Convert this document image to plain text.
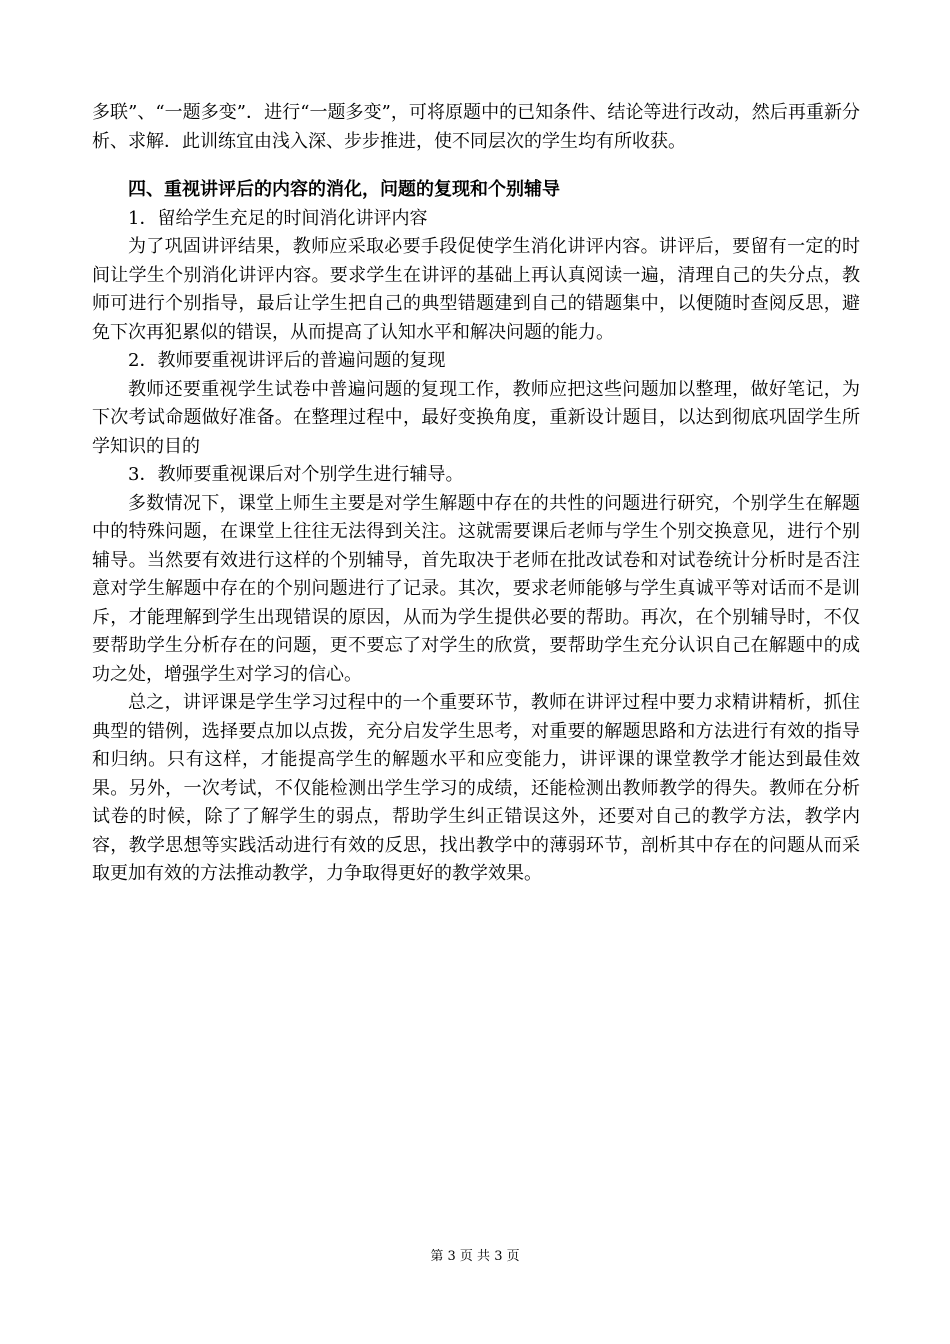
多联”、“一题多变”．进行“一题多变”，可将原题中的已知条件、结论等进行改动，然后再重新分析、求解．此训练宜由浅入深、步步推进，使不同层次的学生均有所收获。

四、重视讲评后的内容的消化，问题的复现和个别辅导

1．留给学生充足的时间消化讲评内容

为了巩固讲评结果，教师应采取必要手段促使学生消化讲评内容。讲评后，要留有一定的时间让学生个别消化讲评内容。要求学生在讲评的基础上再认真阅读一遍，清理自己的失分点，教师可进行个别指导，最后让学生把自己的典型错题建到自己的错题集中，以便随时查阅反思，避免下次再犯累似的错误，从而提高了认知水平和解决问题的能力。

2．教师要重视讲评后的普遍问题的复现

教师还要重视学生试卷中普遍问题的复现工作，教师应把这些问题加以整理，做好笔记，为下次考试命题做好准备。在整理过程中，最好变换角度，重新设计题目，以达到彻底巩固学生所学知识的目的

3．教师要重视课后对个别学生进行辅导。

多数情况下，课堂上师生主要是对学生解题中存在的共性的问题进行研究，个别学生在解题中的特殊问题，在课堂上往往无法得到关注。这就需要课后老师与学生个别交换意见，进行个别辅导。当然要有效进行这样的个别辅导，首先取决于老师在批改试卷和对试卷统计分析时是否注意对学生解题中存在的个别问题进行了记录。其次，要求老师能够与学生真诚平等对话而不是训斥，才能理解到学生出现错误的原因，从而为学生提供必要的帮助。再次，在个别辅导时，不仅要帮助学生分析存在的问题，更不要忘了对学生的欣赏，要帮助学生充分认识自己在解题中的成功之处，增强学生对学习的信心。

总之，讲评课是学生学习过程中的一个重要环节，教师在讲评过程中要力求精讲精析，抓住典型的错例，选择要点加以点拨，充分启发学生思考，对重要的解题思路和方法进行有效的指导和归纳。只有这样，才能提高学生的解题水平和应变能力，讲评课的课堂教学才能达到最佳效果。另外，一次考试，不仅能检测出学生学习的成绩，还能检测出教师教学的得失。教师在分析试卷的时候，除了了解学生的弱点，帮助学生纠正错误这外，还要对自己的教学方法，教学内容，教学思想等实践活动进行有效的反思，找出教学中的薄弱环节，剖析其中存在的问题从而采取更加有效的方法推动教学，力争取得更好的教学效果。

第 3 页 共 3 页
